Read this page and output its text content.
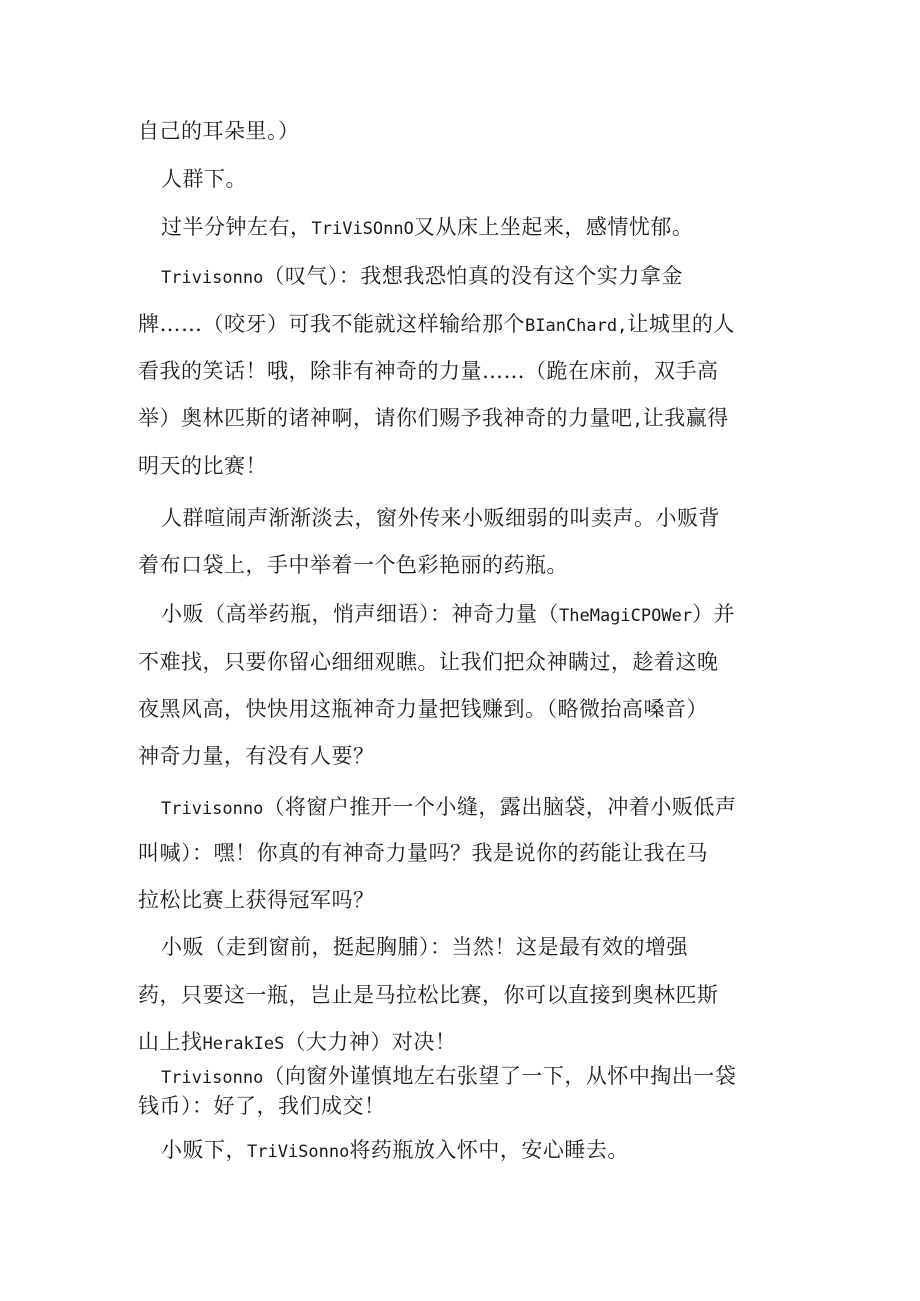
自己的耳朵里。）
人群下。
过半分钟左右，TriViSOnnO又从床上坐起来，感情忧郁。
Trivisonno（叹气）：我想我恐怕真的没有这个实力拿金
牌……（咬牙）可我不能就这样输给那个BIanChard,让城里的人
看我的笑话！哦，除非有神奇的力量……（跪在床前，双手高
举）奥林匹斯的诸神啊，请你们赐予我神奇的力量吧,让我赢得
明天的比赛！
人群喧闹声渐渐淡去，窗外传来小贩细弱的叫卖声。小贩背
着布口袋上，手中举着一个色彩艳丽的药瓶。
小贩（高举药瓶，悄声细语）：神奇力量（TheMagiCPOWer）并
不难找，只要你留心细细观瞧。让我们把众神瞒过，趁着这晚
夜黑风高，快快用这瓶神奇力量把钱赚到。（略微抬高嗓音）
神奇力量，有没有人要？
Trivisonno（将窗户推开一个小缝，露出脑袋，冲着小贩低声
叫喊）：嘿！你真的有神奇力量吗？我是说你的药能让我在马
拉松比赛上获得冠军吗？
小贩（走到窗前，挺起胸脯）：当然！这是最有效的增强
药，只要这一瓶，岂止是马拉松比赛，你可以直接到奥林匹斯
山上找HerakIeS（大力神）对决！
Trivisonno（向窗外谨慎地左右张望了一下，从怀中掏出一袋
钱币）：好了，我们成交！
小贩下，TriViSonno将药瓶放入怀中，安心睡去。
